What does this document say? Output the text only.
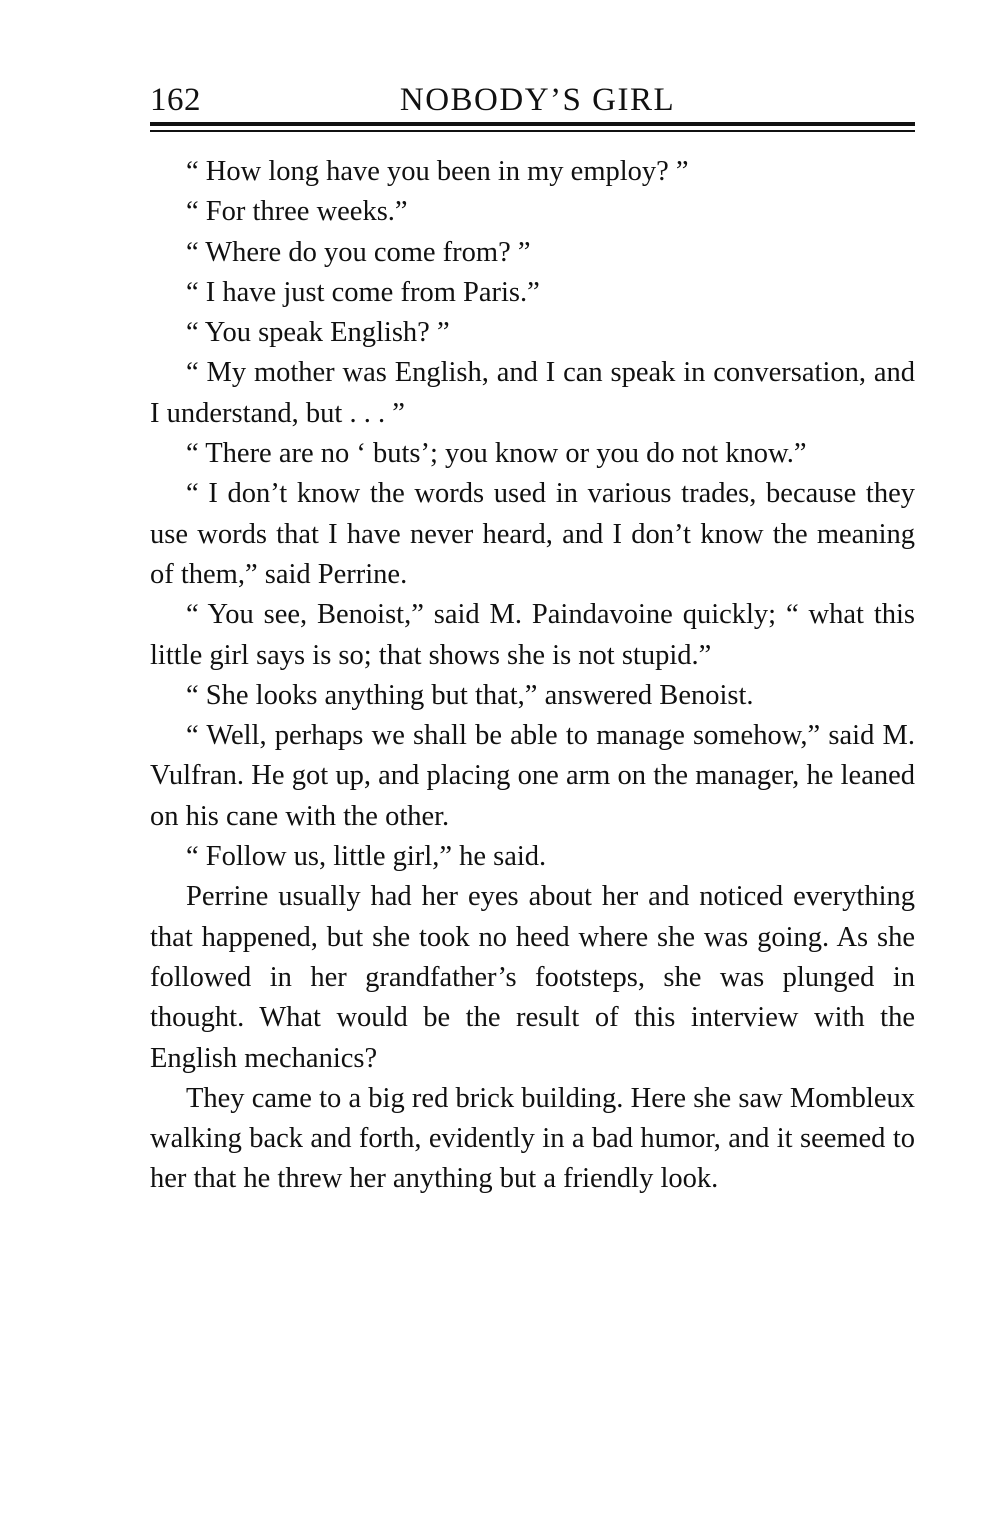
162	NOBODY’S GIRL

“ How long have you been in my employ? ”

“ For three weeks.”

“ Where do you come from? ”

“ I have just come from Paris.”

“ You speak English? ”

“ My mother was English, and I can speak in conversation, and I understand, but . . . ”

“ There are no ‘ buts’; you know or you do not know.”

“ I don’t know the words used in various trades, because they use words that I have never heard, and I don’t know the meaning of them,” said Perrine.

“ You see, Benoist,” said M. Paindavoine quickly; “ what this little girl says is so; that shows she is not stupid.”

“ She looks anything but that,” answered Benoist.

“ Well, perhaps we shall be able to manage somehow,” said M. Vulfran. He got up, and placing one arm on the manager, he leaned on his cane with the other.

“ Follow us, little girl,” he said.

Perrine usually had her eyes about her and noticed everything that happened, but she took no heed where she was going. As she followed in her grandfather’s footsteps, she was plunged in thought. What would be the result of this interview with the English mechanics?

They came to a big red brick building. Here she saw Mombleux walking back and forth, evidently in a bad humor, and it seemed to her that he threw her anything but a friendly look.
